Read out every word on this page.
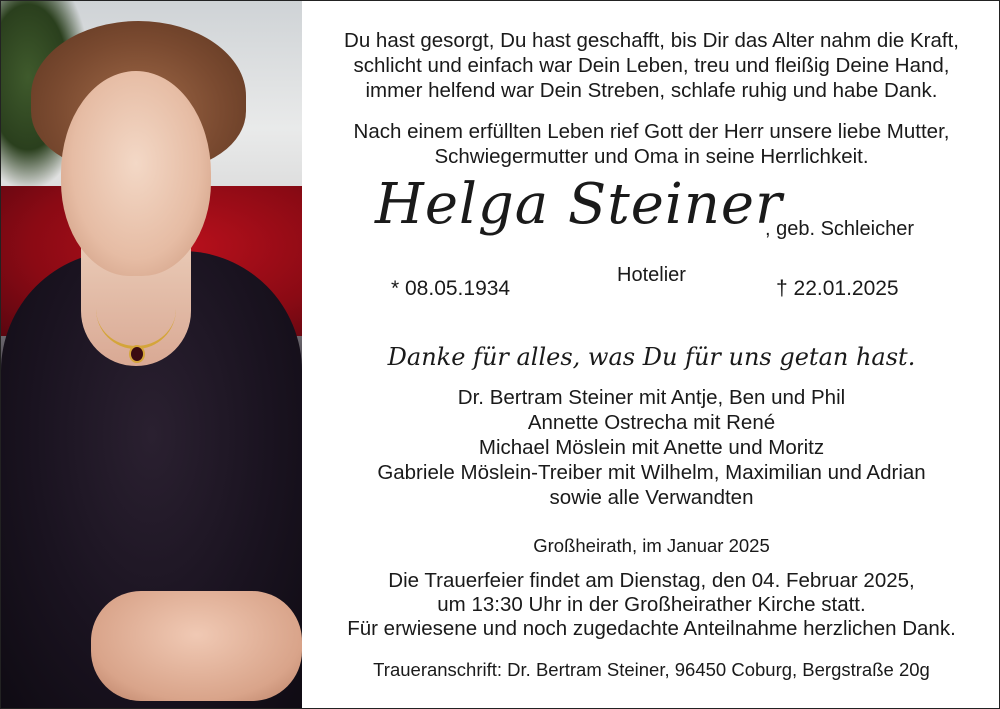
Du hast gesorgt, Du hast geschafft, bis Dir das Alter nahm die Kraft,
schlicht und einfach war Dein Leben, treu und fleißig Deine Hand,
immer helfend war Dein Streben, schlafe ruhig und habe Dank.
Nach einem erfüllten Leben rief Gott der Herr unsere liebe Mutter,
Schwiegermutter und Oma in seine Herrlichkeit.
Helga Steiner
, geb. Schleicher
Hotelier
* 08.05.1934	† 22.01.2025
Danke für alles, was Du für uns getan hast.
Dr. Bertram Steiner mit Antje, Ben und Phil
Annette Ostrecha mit René
Michael Möslein mit Anette und Moritz
Gabriele Möslein-Treiber mit Wilhelm, Maximilian und Adrian
sowie alle Verwandten
Großheirath, im Januar 2025
Die Trauerfeier findet am Dienstag, den 04. Februar 2025,
um 13:30 Uhr in der Großheirather Kirche statt.
Für erwiesene und noch zugedachte Anteilnahme herzlichen Dank.
Traueranschrift: Dr. Bertram Steiner, 96450 Coburg, Bergstraße 20g
